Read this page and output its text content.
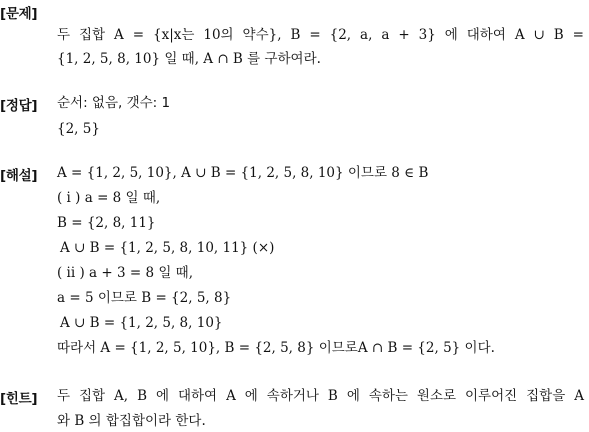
[문제]
두 집합 A = {x|x는 10의 약수}, B = {2, a, a + 3} 에 대하여 A ∪ B =
{1, 2, 5, 8, 10} 일 때, A ∩ B 를 구하여라.
[정답] 순서: 없음, 갯수: 1
{2, 5}
[해설] A = {1, 2, 5, 10}, A ∪ B = {1, 2, 5, 8, 10} 이므로 8 ∈ B
( i ) a = 8 일 때,
B = {2, 8, 11}
A ∪ B = {1, 2, 5, 8, 10, 11} (×)
( ii ) a + 3 = 8 일 때,
a = 5 이므로 B = {2, 5, 8}
A ∪ B = {1, 2, 5, 8, 10}
따라서 A = {1, 2, 5, 10}, B = {2, 5, 8} 이므로A ∩ B = {2, 5} 이다.
[힌트] 두 집합 A, B 에 대하여 A 에 속하거나 B 에 속하는 원소로 이루어진 집합을 A
와 B 의 합집합이라 한다.
